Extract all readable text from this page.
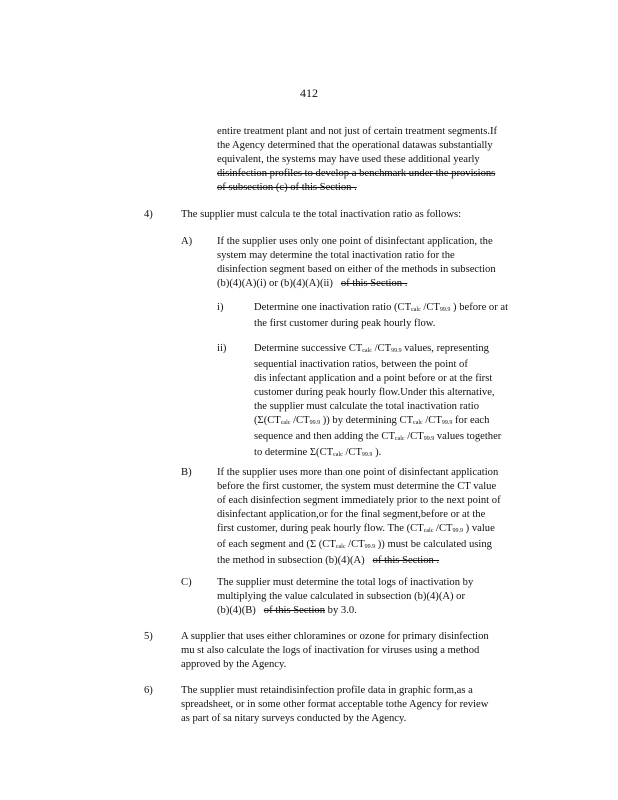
412
entire treatment plant and not just of certain treatment segments.If
the Agency determined that the operational datawas substantially
equivalent, the systems may have used these additional yearly
disinfection profiles to develop a benchmark under the provisions
of subsection (c) of this Section .
4)	The supplier must calcula te the total inactivation ratio as follows:
A) If the supplier uses only one point of disinfectant application, the
system may determine the total inactivation ratio for the
disinfection segment based on either of the methods in subsection
(b)(4)(A)(i) or (b)(4)(A)(ii) of this Section .
i)	Determine one inactivation ratio (CTcalc /CT99.9 ) before or at
the first customer during peak hourly flow.
ii)	Determine successive CTcalc /CT99.9 values, representing
sequential inactivation ratios, between the point of
dis infectant application and a point before or at the first
customer during peak hourly flow.Under this alternative,
the supplier must calculate the total inactivation ratio
(Σ(CTcalc /CT99.9 )) by determining CTcalc /CT99.9 for each
sequence and then adding the CTcalc /CT99.9 values together
to determine Σ(CTcalc /CT99.9 ).
B) If the supplier uses more than one point of disinfectant application
before the first customer, the system must determine the CT value
of each disinfection segment immediately prior to the next point of
disinfectant application,or for the final segment,before or at the
first customer, during peak hourly flow. The (CTcalc /CT99.9 ) value
of each segment and (Σ (CTcalc /CT99.9 )) must be calculated using
the method in subsection (b)(4)(A) of this Section .
C) The supplier must determine the total logs of inactivation by
multiplying the value calculated in subsection (b)(4)(A) or
(b)(4)(B) of this Section by 3.0.
5)	A supplier that uses either chloramines or ozone for primary disinfection
mu st also calculate the logs of inactivation for viruses using a method
approved by the Agency.
6)	The supplier must retaindisinfection profile data in graphic form,as a
spreadsheet, or in some other format acceptable tothe Agency for review
as part of sa nitary surveys conducted by the Agency.
